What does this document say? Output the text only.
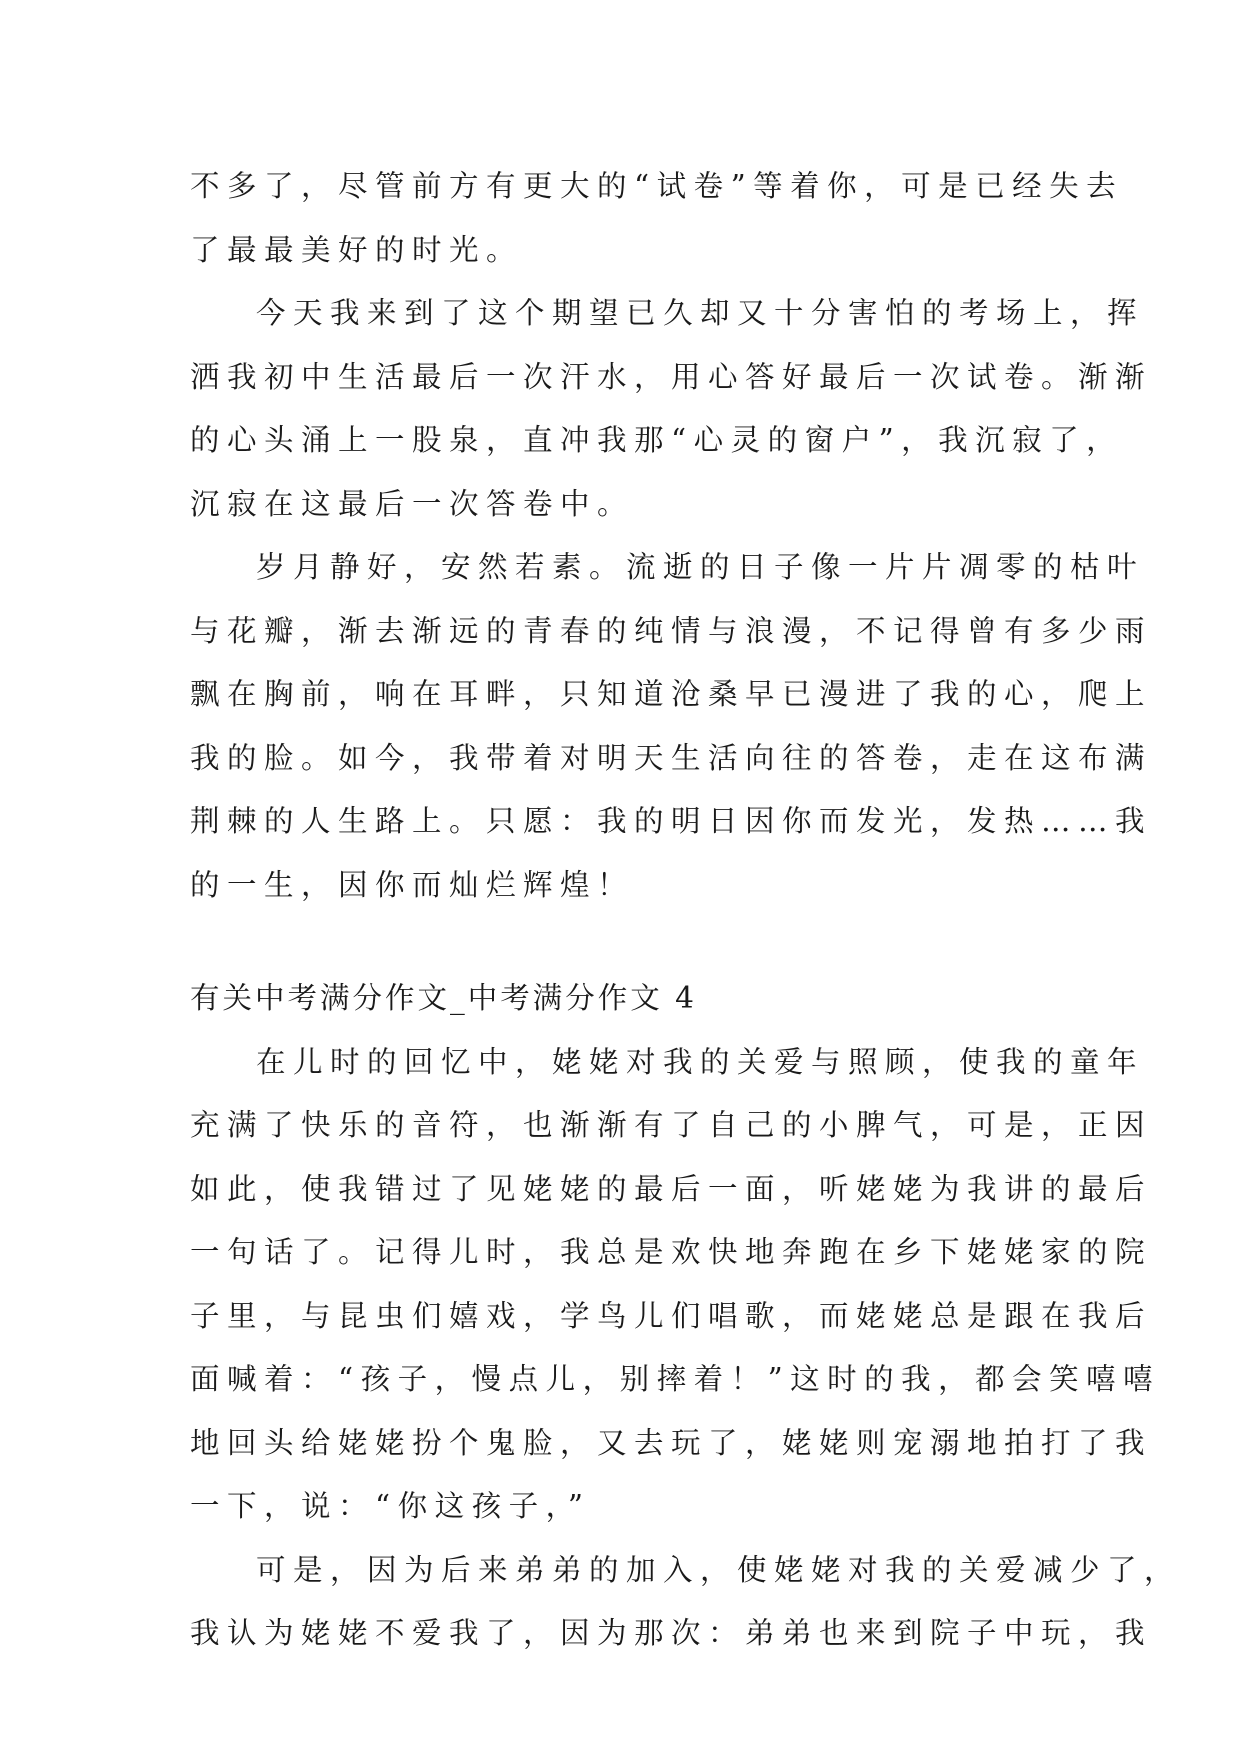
不多了，尽管前方有更大的“试卷”等着你，可是已经失去
了最最美好的时光。

今天我来到了这个期望已久却又十分害怕的考场上，挥
洒我初中生活最后一次汗水，用心答好最后一次试卷。渐渐
的心头涌上一股泉，直冲我那“心灵的窗户”，我沉寂了，
沉寂在这最后一次答卷中。

岁月静好，安然若素。流逝的日子像一片片凋零的枯叶
与花瓣，渐去渐远的青春的纯情与浪漫，不记得曾有多少雨
飘在胸前，响在耳畔，只知道沧桑早已漫进了我的心，爬上
我的脸。如今，我带着对明天生活向往的答卷，走在这布满
荆棘的人生路上。只愿：我的明日因你而发光，发热……我
的一生，因你而灿烂辉煌！

有关中考满分作文_中考满分作文 4

在儿时的回忆中，姥姥对我的关爱与照顾，使我的童年
充满了快乐的音符，也渐渐有了自己的小脾气，可是，正因
如此，使我错过了见姥姥的最后一面，听姥姥为我讲的最后
一句话了。记得儿时，我总是欢快地奔跑在乡下姥姥家的院
子里，与昆虫们嬉戏，学鸟儿们唱歌，而姥姥总是跟在我后
面喊着：“孩子，慢点儿，别摔着！”这时的我，都会笑嘻嘻
地回头给姥姥扮个鬼脸，又去玩了，姥姥则宠溺地拍打了我
一下，说：“你这孩子，”

可是，因为后来弟弟的加入，使姥姥对我的关爱减少了，
我认为姥姥不爱我了，因为那次：弟弟也来到院子中玩，我
